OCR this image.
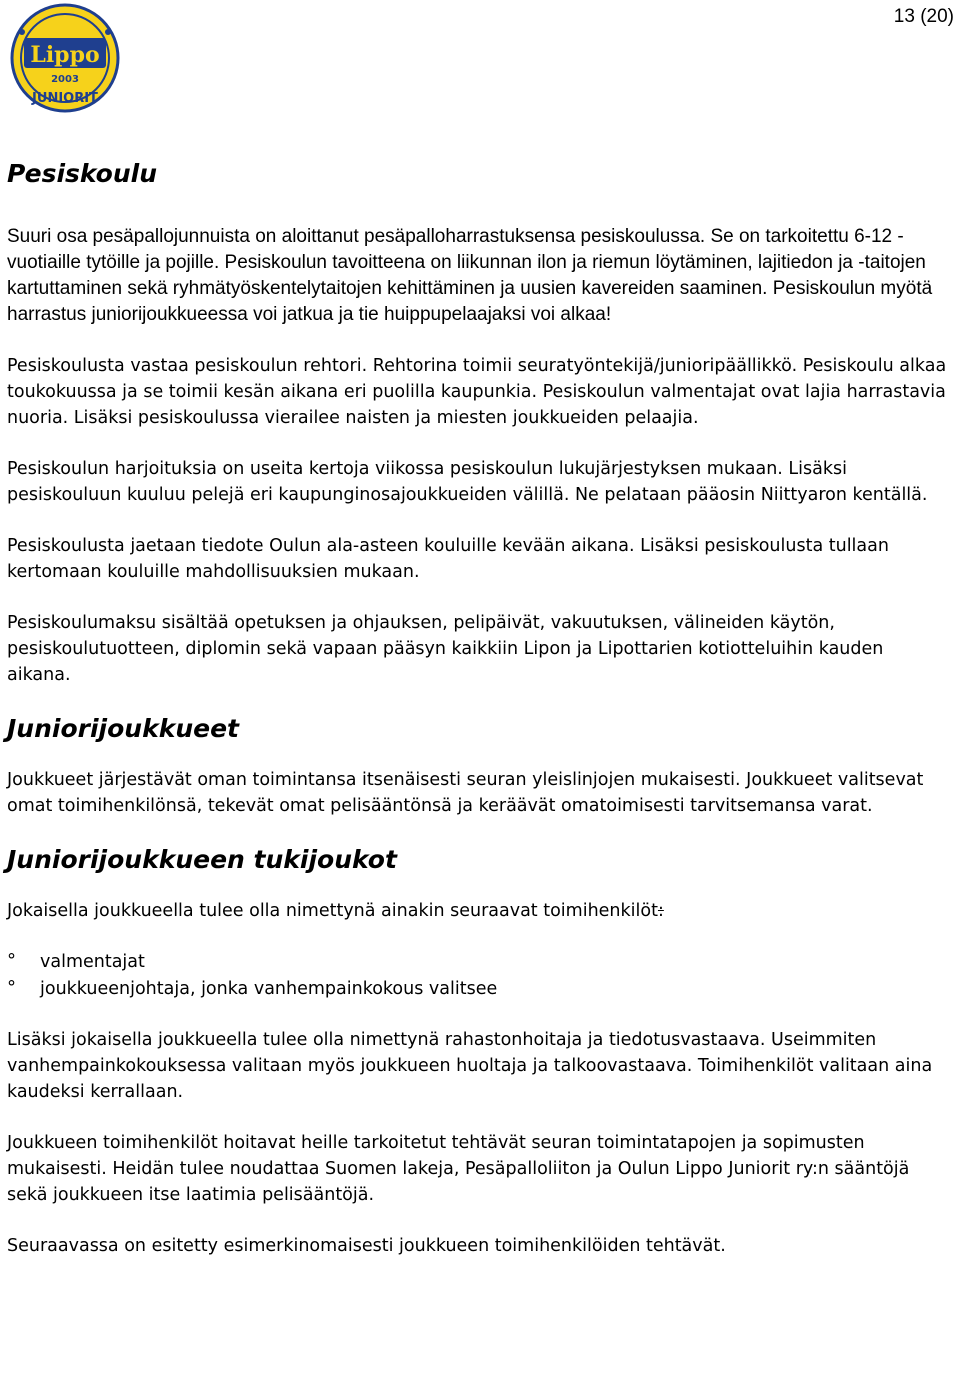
13 (20)
Lippo
2003
JUNIORIT
Pesiskoulu

Suuri osa pesäpallojunnuista on aloittanut pesäpalloharrastuksensa pesiskoulussa. Se on tarkoitettu 6-12 -vuotiaille tytöille ja pojille. Pesiskoulun tavoitteena on liikunnan ilon ja riemun löytäminen, lajitiedon ja -taitojen kartuttaminen sekä ryhmätyöskentelytaitojen kehittäminen ja uusien kavereiden saaminen. Pesiskoulun myötä harrastus juniorijoukkueessa voi jatkua ja tie huippupelaajaksi voi alkaa!

Pesiskoulusta vastaa pesiskoulun rehtori. Rehtorina toimii seuratyöntekijä/junioripäällikkö. Pesiskoulu alkaa toukokuussa ja se toimii kesän aikana eri puolilla kaupunkia. Pesiskoulun valmentajat ovat lajia harrastavia nuoria. Lisäksi pesiskoulussa vierailee naisten ja miesten joukkueiden pelaajia.

Pesiskoulun harjoituksia on useita kertoja viikossa pesiskoulun lukujärjestyksen mukaan. Lisäksi pesiskouluun kuuluu pelejä eri kaupunginosajoukkueiden välillä. Ne pelataan pääosin Niittyaron kentällä.

Pesiskoulusta jaetaan tiedote Oulun ala-asteen kouluille kevään aikana. Lisäksi pesiskoulusta tullaan kertomaan kouluille mahdollisuuksien mukaan.

Pesiskoulumaksu sisältää opetuksen ja ohjauksen, pelipäivät, vakuutuksen, välineiden käytön, pesiskoulutuotteen, diplomin sekä vapaan pääsyn kaikkiin Lipon ja Lipottarien kotiotteluihin kauden aikana.

Juniorijoukkueet

Joukkueet järjestävät oman toimintansa itsenäisesti seuran yleislinjojen mukaisesti. Joukkueet valitsevat omat toimihenkilönsä, tekevät omat pelisääntönsä ja keräävät omatoimisesti tarvitsemansa varat.

Juniorijoukkueen tukijoukot

Jokaisella joukkueella tulee olla nimettynä ainakin seuraavat toimihenkilöt:

° valmentajat
° joukkueenjohtaja, jonka vanhempainkokous valitsee

Lisäksi jokaisella joukkueella tulee olla nimettynä rahastonhoitaja ja tiedotusvastaava. Useimmiten vanhempainkokouksessa valitaan myös joukkueen huoltaja ja talkoovastaava. Toimihenkilöt valitaan aina kaudeksi kerrallaan.

Joukkueen toimihenkilöt hoitavat heille tarkoitetut tehtävät seuran toimintatapojen ja sopimusten mukaisesti. Heidän tulee noudattaa Suomen lakeja, Pesäpalloliiton ja Oulun Lippo Juniorit ry:n sääntöjä sekä joukkueen itse laatimia pelisääntöjä.

Seuraavassa on esitetty esimerkinomaisesti joukkueen toimihenkilöiden tehtävät.
